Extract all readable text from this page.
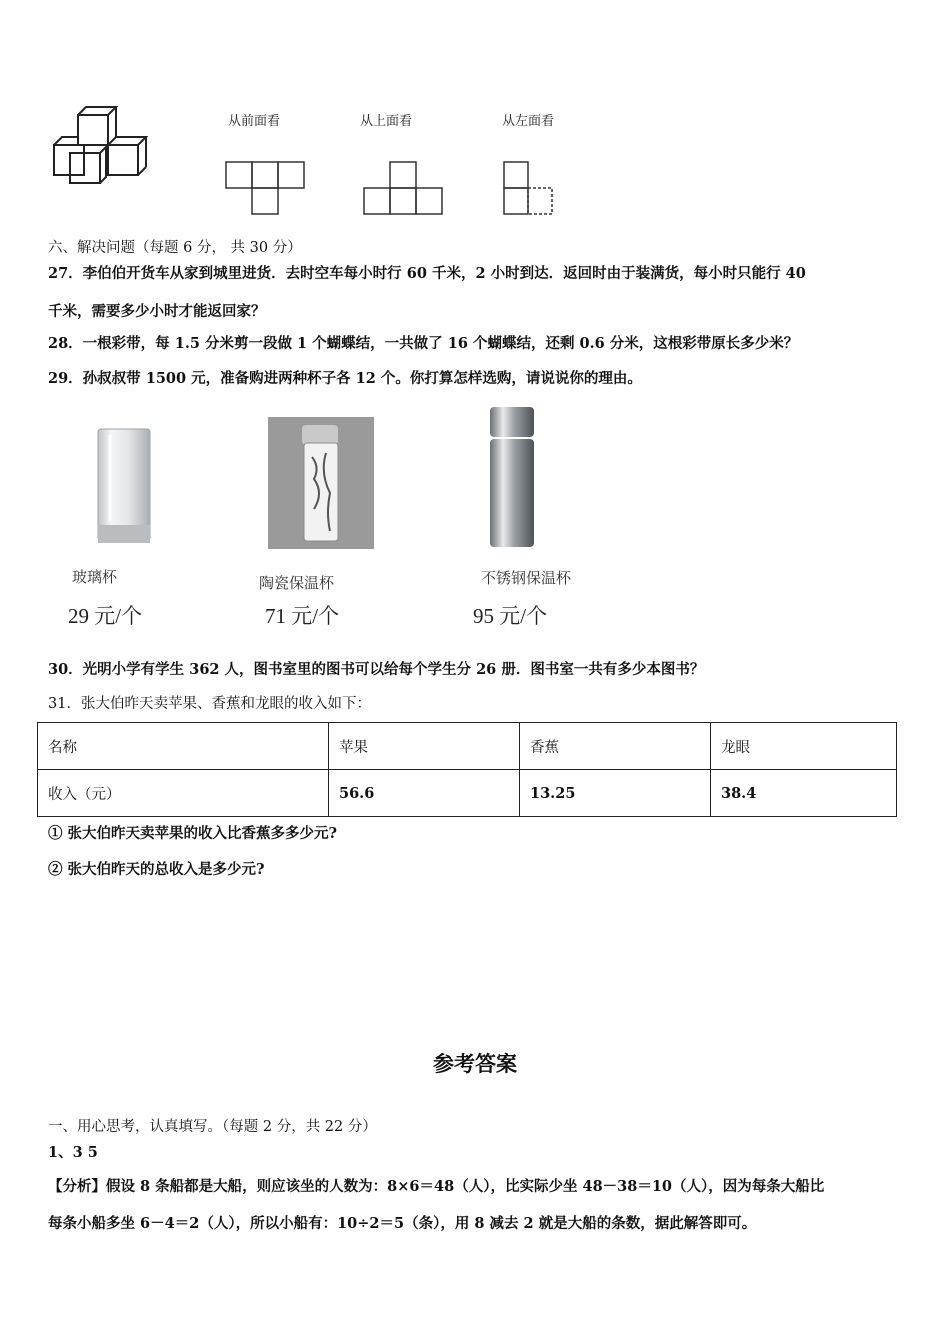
从前面看	从上面看	从左面看
六、解决问题（每题 6 分， 共 30 分）
27．李伯伯开货车从家到城里进货．去时空车每小时行 60 千米，2 小时到达．返回时由于装满货，每小时只能行 40
千米，需要多少小时才能返回家？
28．一根彩带，每 1.5 分米剪一段做 1 个蝴蝶结，一共做了 16 个蝴蝶结，还剩 0.6 分米，这根彩带原长多少米？
29．孙叔叔带 1500 元，准备购进两种杯子各 12 个。你打算怎样选购，请说说你的理由。
玻璃杯	陶瓷保温杯	不锈钢保温杯
29 元/个	71 元/个	95 元/个
30．光明小学有学生 362 人，图书室里的图书可以给每个学生分 26 册．图书室一共有多少本图书？
31．张大伯昨天卖苹果、香蕉和龙眼的收入如下：
名称	苹果	香蕉	龙眼
收入（元）	56.6	13.25	38.4
① 张大伯昨天卖苹果的收入比香蕉多多少元?
② 张大伯昨天的总收入是多少元?
参考答案
一、用心思考，认真填写。（每题 2 分，共 22 分）
1、3 5
【分析】假设 8 条船都是大船，则应该坐的人数为：8×6＝48（人），比实际少坐 48－38＝10（人），因为每条大船比
每条小船多坐 6－4＝2（人），所以小船有：10÷2＝5（条），用 8 减去 2 就是大船的条数，据此解答即可。
